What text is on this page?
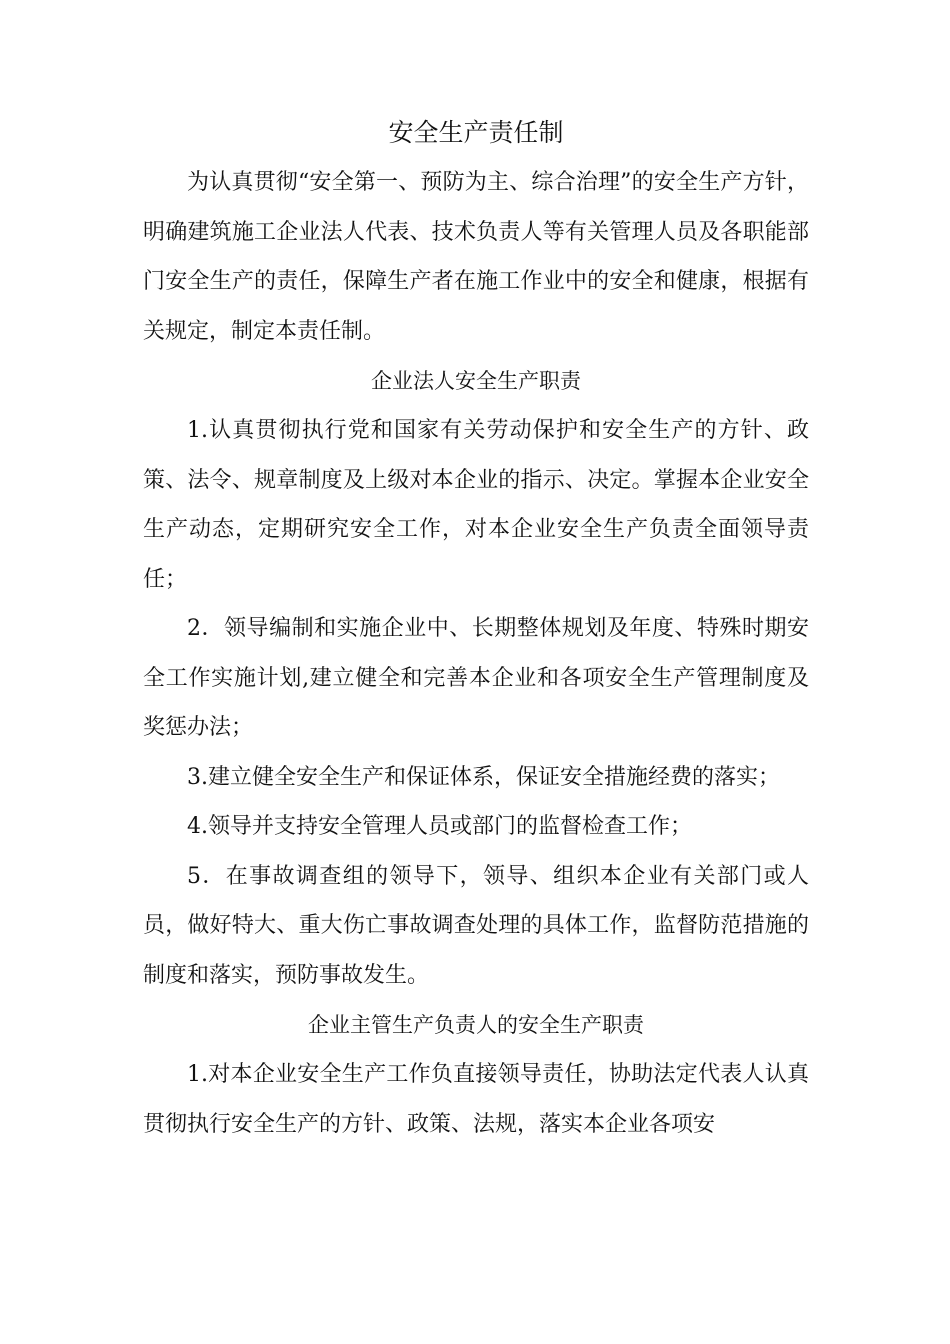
安全生产责任制

为认真贯彻“安全第一、预防为主、综合治理”的安全生产方针，明确建筑施工企业法人代表、技术负责人等有关管理人员及各职能部门安全生产的责任，保障生产者在施工作业中的安全和健康，根据有关规定，制定本责任制。

企业法人安全生产职责

1.认真贯彻执行党和国家有关劳动保护和安全生产的方针、政策、法令、规章制度及上级对本企业的指示、决定。掌握本企业安全生产动态，定期研究安全工作，对本企业安全生产负责全面领导责任；

2．领导编制和实施企业中、长期整体规划及年度、特殊时期安全工作实施计划,建立健全和完善本企业和各项安全生产管理制度及奖惩办法；

3.建立健全安全生产和保证体系，保证安全措施经费的落实；

4.领导并支持安全管理人员或部门的监督检查工作；

5．在事故调查组的领导下，领导、组织本企业有关部门或人员，做好特大、重大伤亡事故调查处理的具体工作，监督防范措施的制度和落实，预防事故发生。

企业主管生产负责人的安全生产职责

1.对本企业安全生产工作负直接领导责任，协助法定代表人认真贯彻执行安全生产的方针、政策、法规，落实本企业各项安
